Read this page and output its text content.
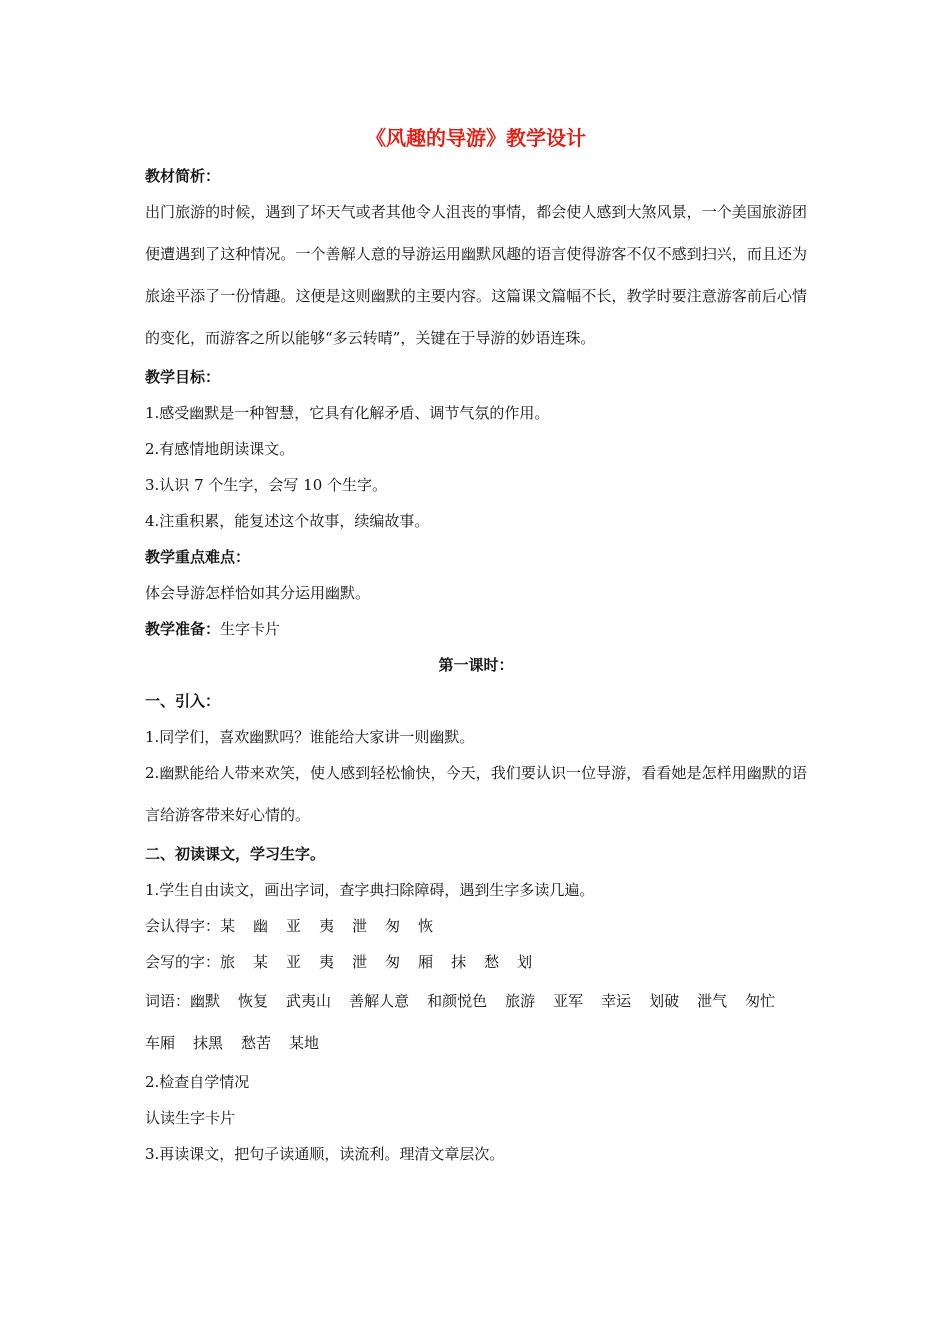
《风趣的导游》教学设计
教材简析：

出门旅游的时候，遇到了坏天气或者其他令人沮丧的事情，都会使人感到大煞风景，一个美国旅游团便遭遇到了这种情况。一个善解人意的导游运用幽默风趣的语言使得游客不仅不感到扫兴，而且还为旅途平添了一份情趣。这便是这则幽默的主要内容。这篇课文篇幅不长，教学时要注意游客前后心情的变化，而游客之所以能够“多云转晴”，关键在于导游的妙语连珠。

教学目标：
1.感受幽默是一种智慧，它具有化解矛盾、调节气氛的作用。
2.有感情地朗读课文。
3.认识 7 个生字，会写 10 个生字。
4.注重积累，能复述这个故事，续编故事。
教学重点难点：
体会导游怎样恰如其分运用幽默。
教学准备：生字卡片
第一课时：
一、引入：
1.同学们，喜欢幽默吗？谁能给大家讲一则幽默。

2.幽默能给人带来欢笑，使人感到轻松愉快，今天，我们要认识一位导游，看看她是怎样用幽默的语言给游客带来好心情的。

二、初读课文，学习生字。
1.学生自由读文，画出字词，查字典扫除障碍，遇到生字多读几遍。
会认得字：某 幽 亚 夷 泄 匆 恢
会写的字：旅 某 亚 夷 泄 匆 厢 抹 愁 划

词语：幽默 恢复 武夷山 善解人意 和颜悦色 旅游 亚军 幸运 划破 泄气 匆忙车厢 抹黑 愁苦 某地

2.检查自学情况
认读生字卡片
3.再读课文，把句子读通顺，读流利。理清文章层次。
